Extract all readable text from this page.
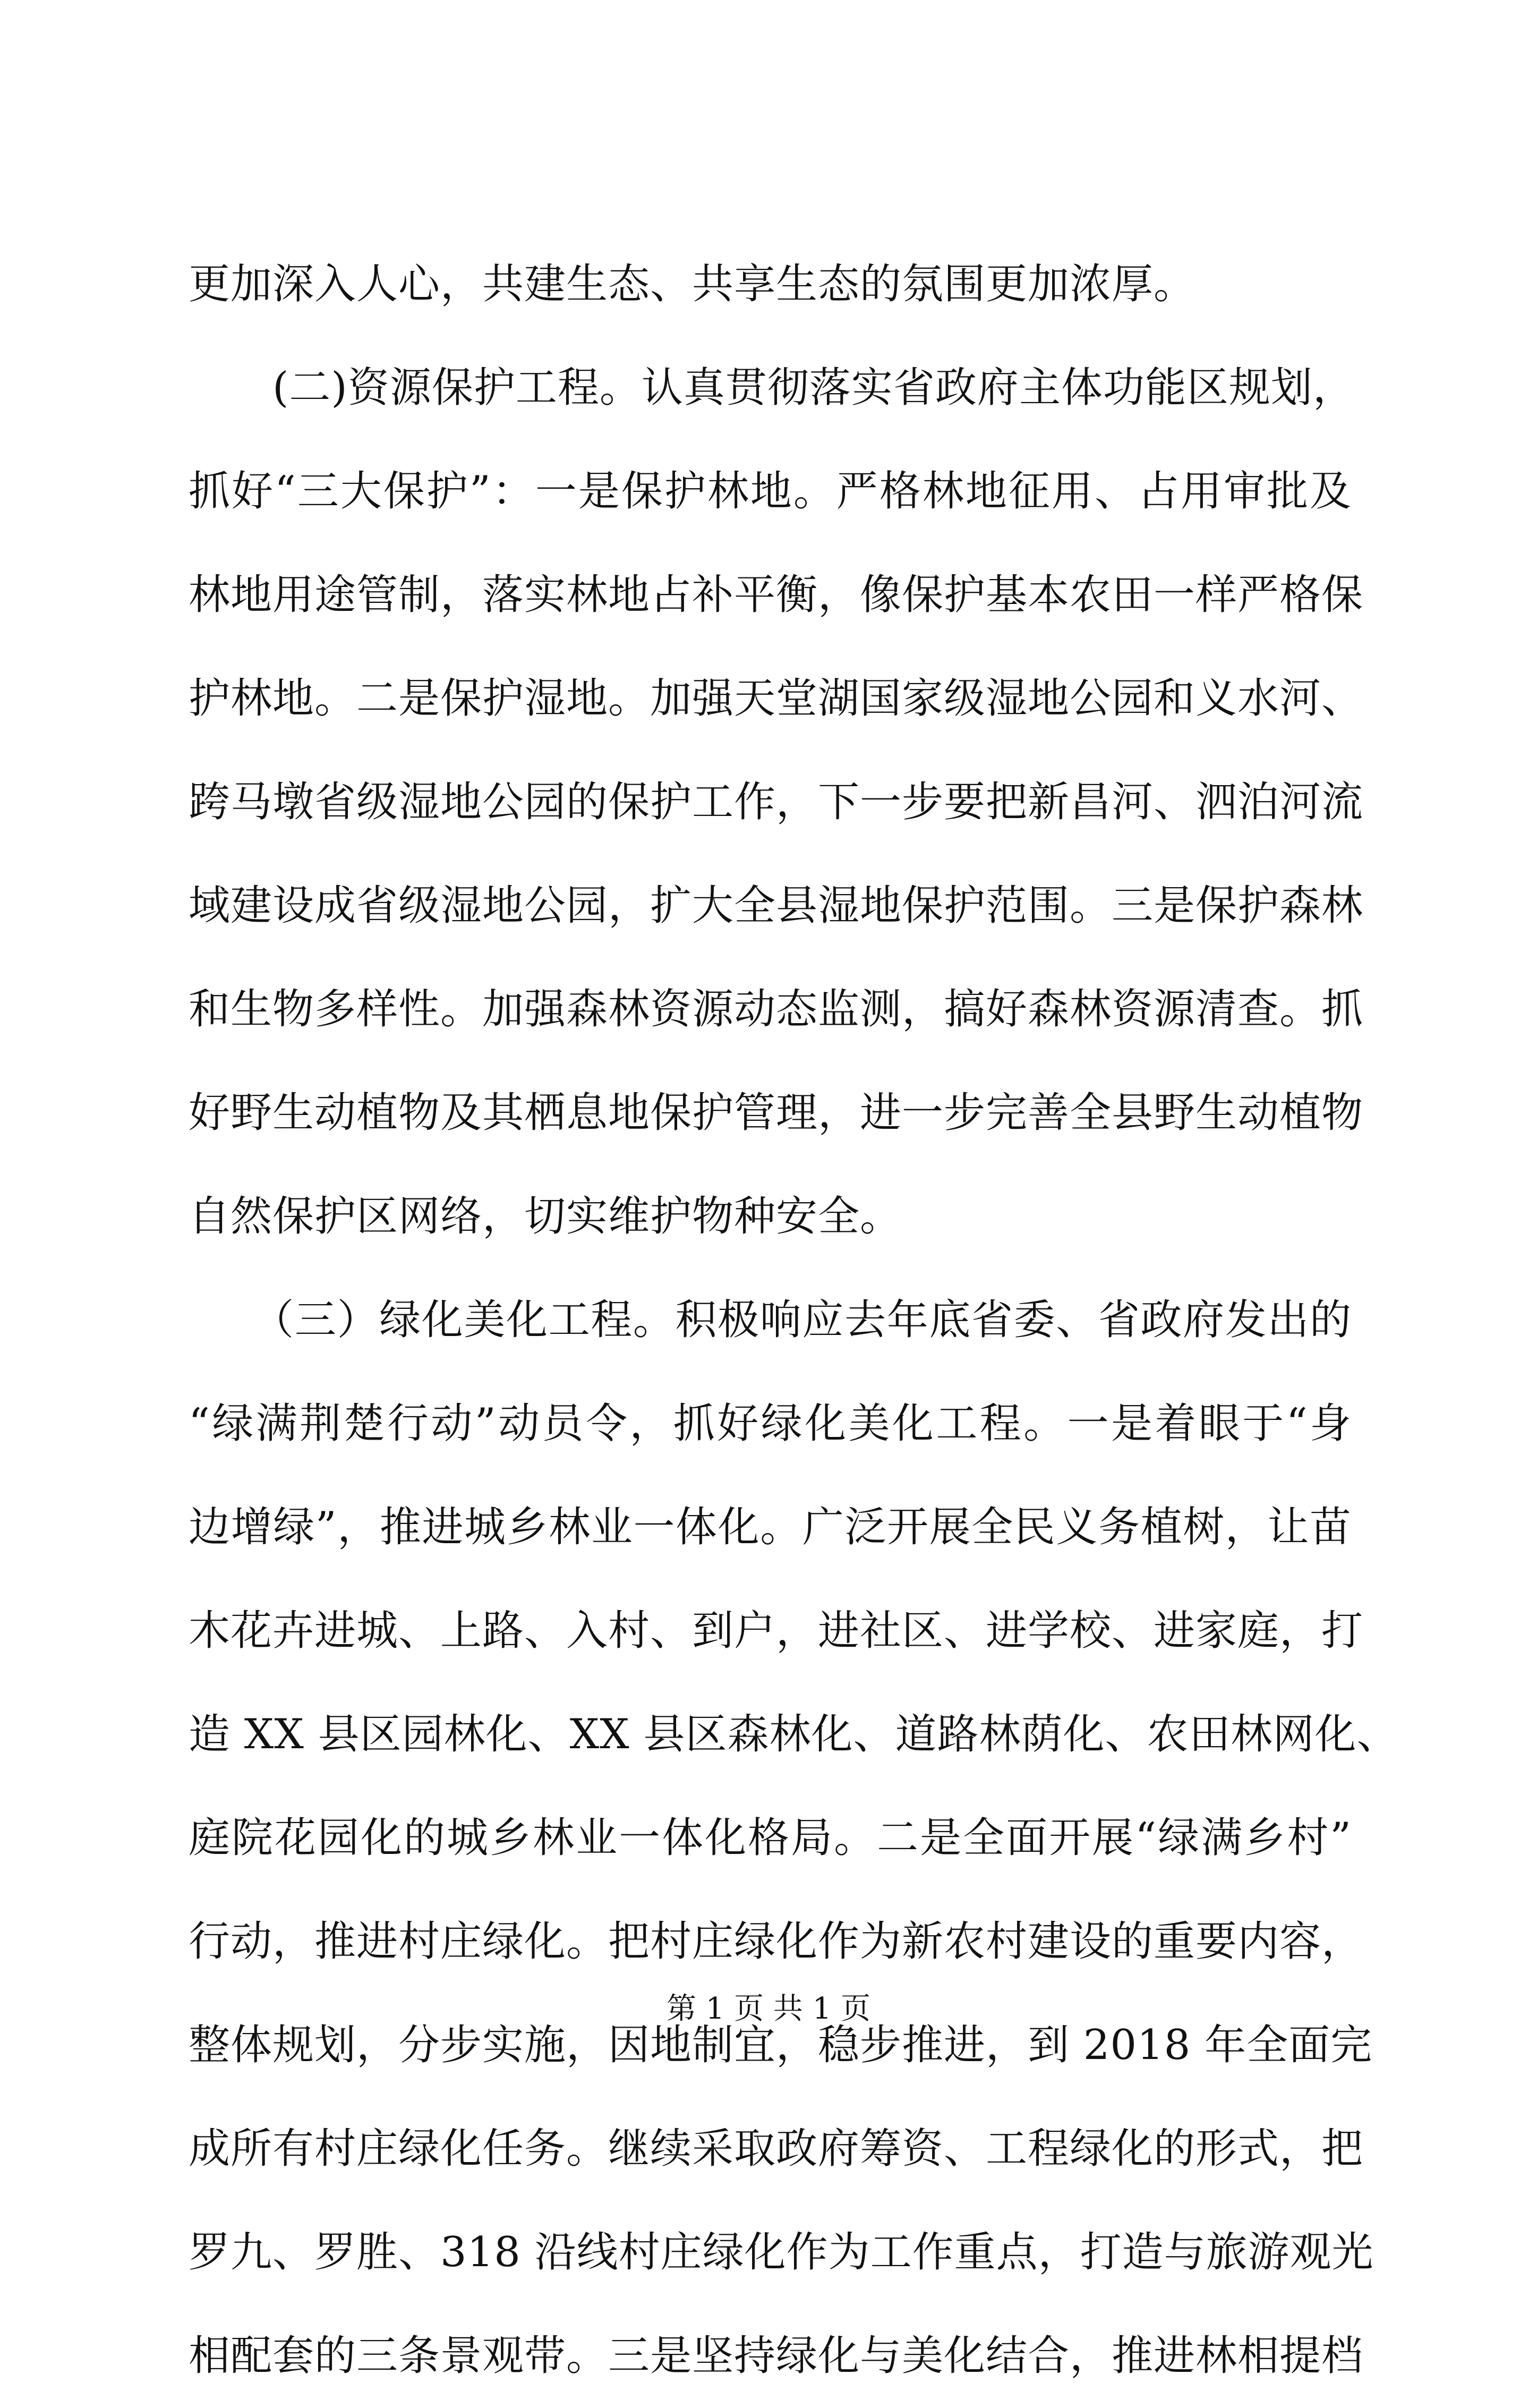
更加深入人心，共建生态、共享生态的氛围更加浓厚。
　　(二)资源保护工程。认真贯彻落实省政府主体功能区规划，
抓好“三大保护”：一是保护林地。严格林地征用、占用审批及
林地用途管制，落实林地占补平衡，像保护基本农田一样严格保
护林地。二是保护湿地。加强天堂湖国家级湿地公园和义水河、
跨马墩省级湿地公园的保护工作，下一步要把新昌河、泗泊河流
域建设成省级湿地公园，扩大全县湿地保护范围。三是保护森林
和生物多样性。加强森林资源动态监测，搞好森林资源清查。抓
好野生动植物及其栖息地保护管理，进一步完善全县野生动植物
自然保护区网络，切实维护物种安全。
　　（三）绿化美化工程。积极响应去年底省委、省政府发出的
“绿满荆楚行动”动员令，抓好绿化美化工程。一是着眼于“身
边增绿”，推进城乡林业一体化。广泛开展全民义务植树，让苗
木花卉进城、上路、入村、到户，进社区、进学校、进家庭，打
造 XX 县区园林化、XX 县区森林化、道路林荫化、农田林网化、
庭院花园化的城乡林业一体化格局。二是全面开展“绿满乡村”
行动，推进村庄绿化。把村庄绿化作为新农村建设的重要内容，
整体规划，分步实施，因地制宜，稳步推进，到 2018 年全面完
成所有村庄绿化任务。继续采取政府筹资、工程绿化的形式，把
罗九、罗胜、318 沿线村庄绿化作为工作重点，打造与旅游观光
相配套的三条景观带。三是坚持绿化与美化结合，推进林相提档
第 1 页 共 1 页
